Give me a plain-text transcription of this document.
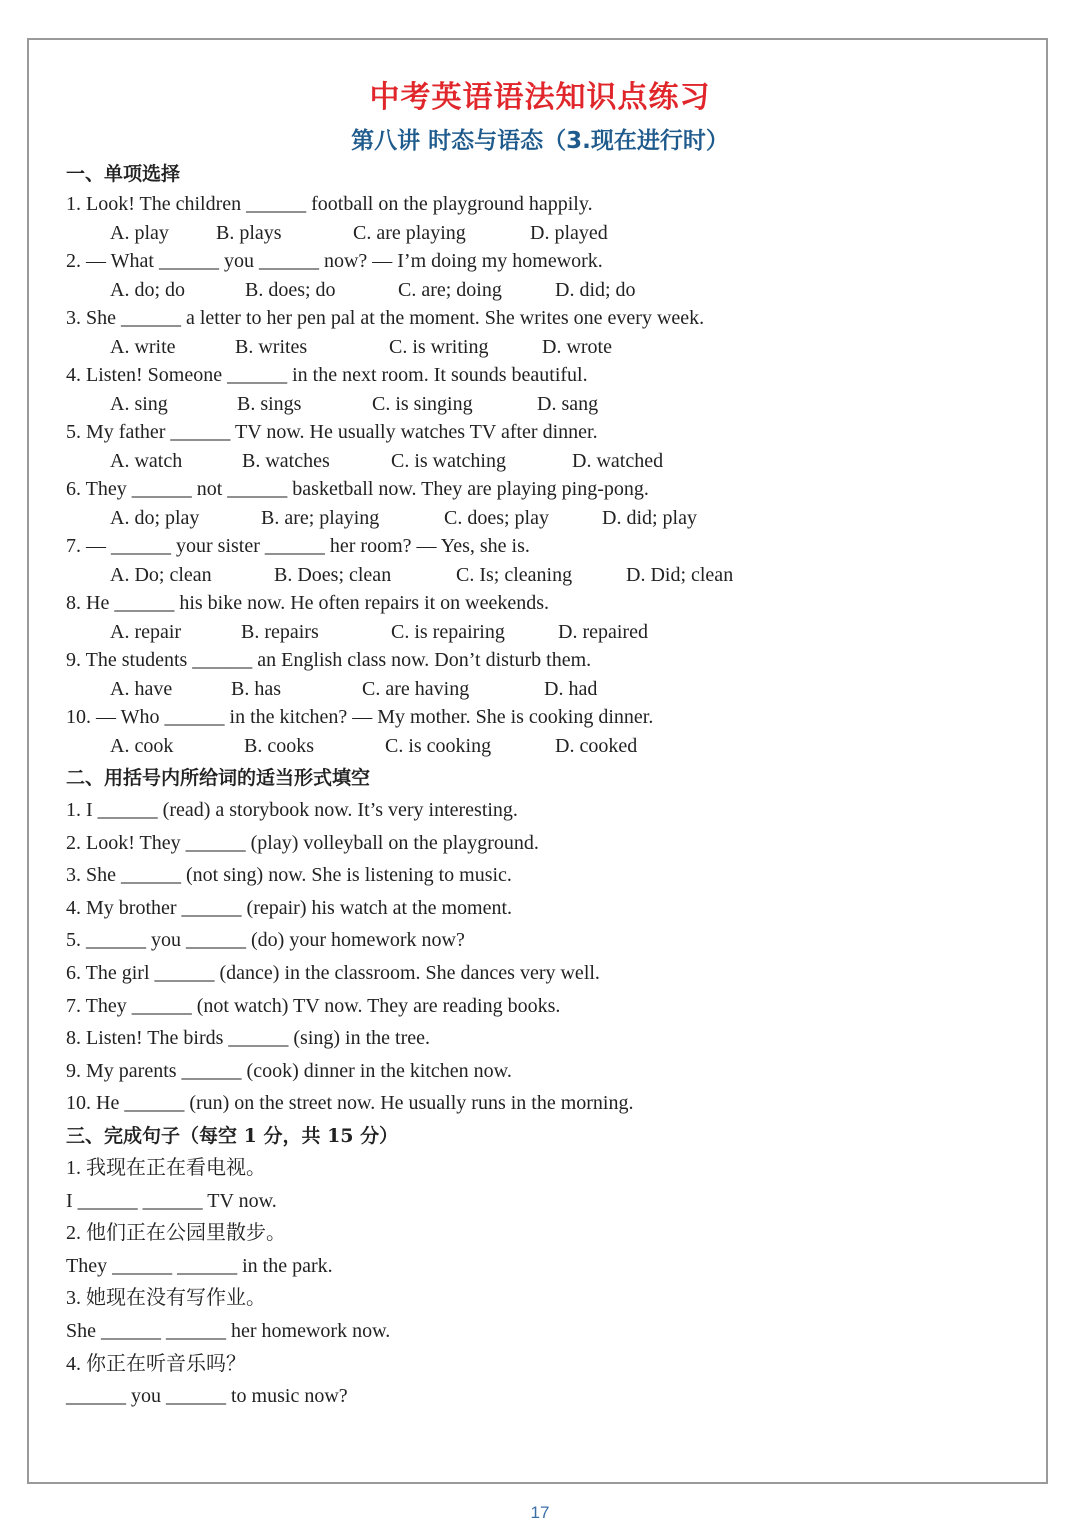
中考英语语法知识点练习
第八讲 时态与语态（3.现在进行时）
一、单项选择
1. Look! The children ______ football on the playground happily.
A. play B. plays	C. are playing	D. played
2. — What ______ you ______ now? — I’m doing my homework.
A. do; do	B. does; do	C. are; doing	D. did; do
3. She ______ a letter to her pen pal at the moment. She writes one every week.
A. write	B. writes	C. is writing	D. wrote
4. Listen! Someone ______ in the next room. It sounds beautiful.
A. sing	B. sings	C. is singing	D. sang
5. My father ______ TV now. He usually watches TV after dinner.
A. watch	B. watches	C. is watching	D. watched
6. They ______ not ______ basketball now. They are playing ping-pong.
A. do; play	B. are; playing	C. does; play	D. did; play
7. — ______ your sister ______ her room? — Yes, she is.
A. Do; clean	B. Does; clean	C. Is; cleaning	D. Did; clean
8. He ______ his bike now. He often repairs it on weekends.
A. repair	B. repairs	C. is repairing	D. repaired
9. The students ______ an English class now. Don’t disturb them.
A. have	B. has	C. are having	D. had
10. — Who ______ in the kitchen? — My mother. She is cooking dinner.
A. cook	B. cooks	C. is cooking	D. cooked
二、用括号内所给词的适当形式填空
1. I ______ (read) a storybook now. It’s very interesting.
2. Look! They ______ (play) volleyball on the playground.
3. She ______ (not sing) now. She is listening to music.
4. My brother ______ (repair) his watch at the moment.
5. ______ you ______ (do) your homework now?
6. The girl ______ (dance) in the classroom. She dances very well.
7. They ______ (not watch) TV now. They are reading books.
8. Listen! The birds ______ (sing) in the tree.
9. My parents ______ (cook) dinner in the kitchen now.
10. He ______ (run) on the street now. He usually runs in the morning.
三、完成句子（每空 1 分，共 15 分）
1. 我现在正在看电视。
I ______ ______ TV now.
2. 他们正在公园里散步。
They ______ ______ in the park.
3. 她现在没有写作业。
She ______ ______ her homework now.
4. 你正在听音乐吗？
______ you ______ to music now?
17
